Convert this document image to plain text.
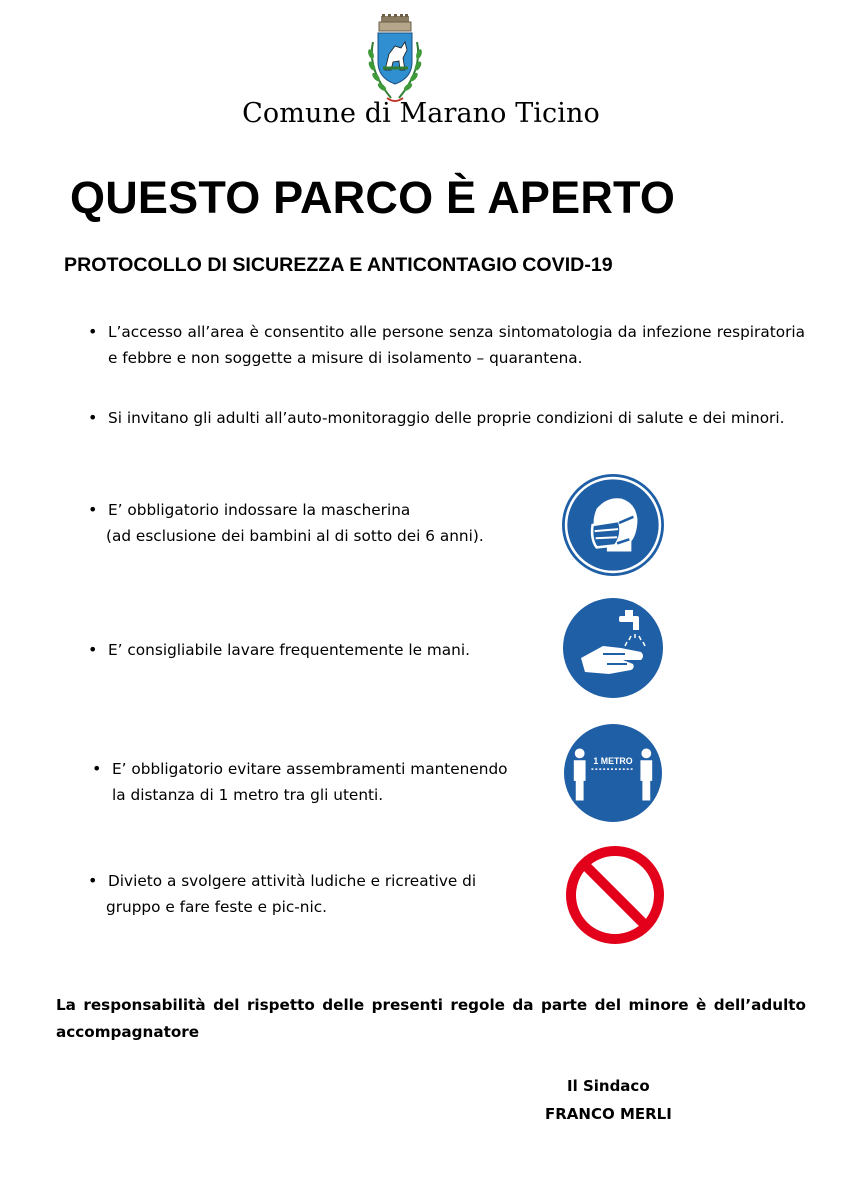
Comune di Marano Ticino
QUESTO PARCO È APERTO
PROTOCOLLO DI SICUREZZA E ANTICONTAGIO COVID-19
• L’accesso all’area è consentito alle persone senza sintomatologia da infezione respiratoria e febbre e non soggette a misure di isolamento – quarantena.
• Si invitano gli adulti all’auto-monitoraggio delle proprie condizioni di salute e dei minori.
• E’ obbligatorio indossare la mascherina
(ad esclusione dei bambini al di sotto dei 6 anni).
• E’ consigliabile lavare frequentemente le mani.
• E’ obbligatorio evitare assembramenti mantenendo
la distanza di 1 metro tra gli utenti.
• Divieto a svolgere attività ludiche e ricreative di
gruppo e fare feste e pic-nic.
1 METRO
La responsabilità del rispetto delle presenti regole da parte del minore è dell’adulto accompagnatore
Il Sindaco
FRANCO MERLI
